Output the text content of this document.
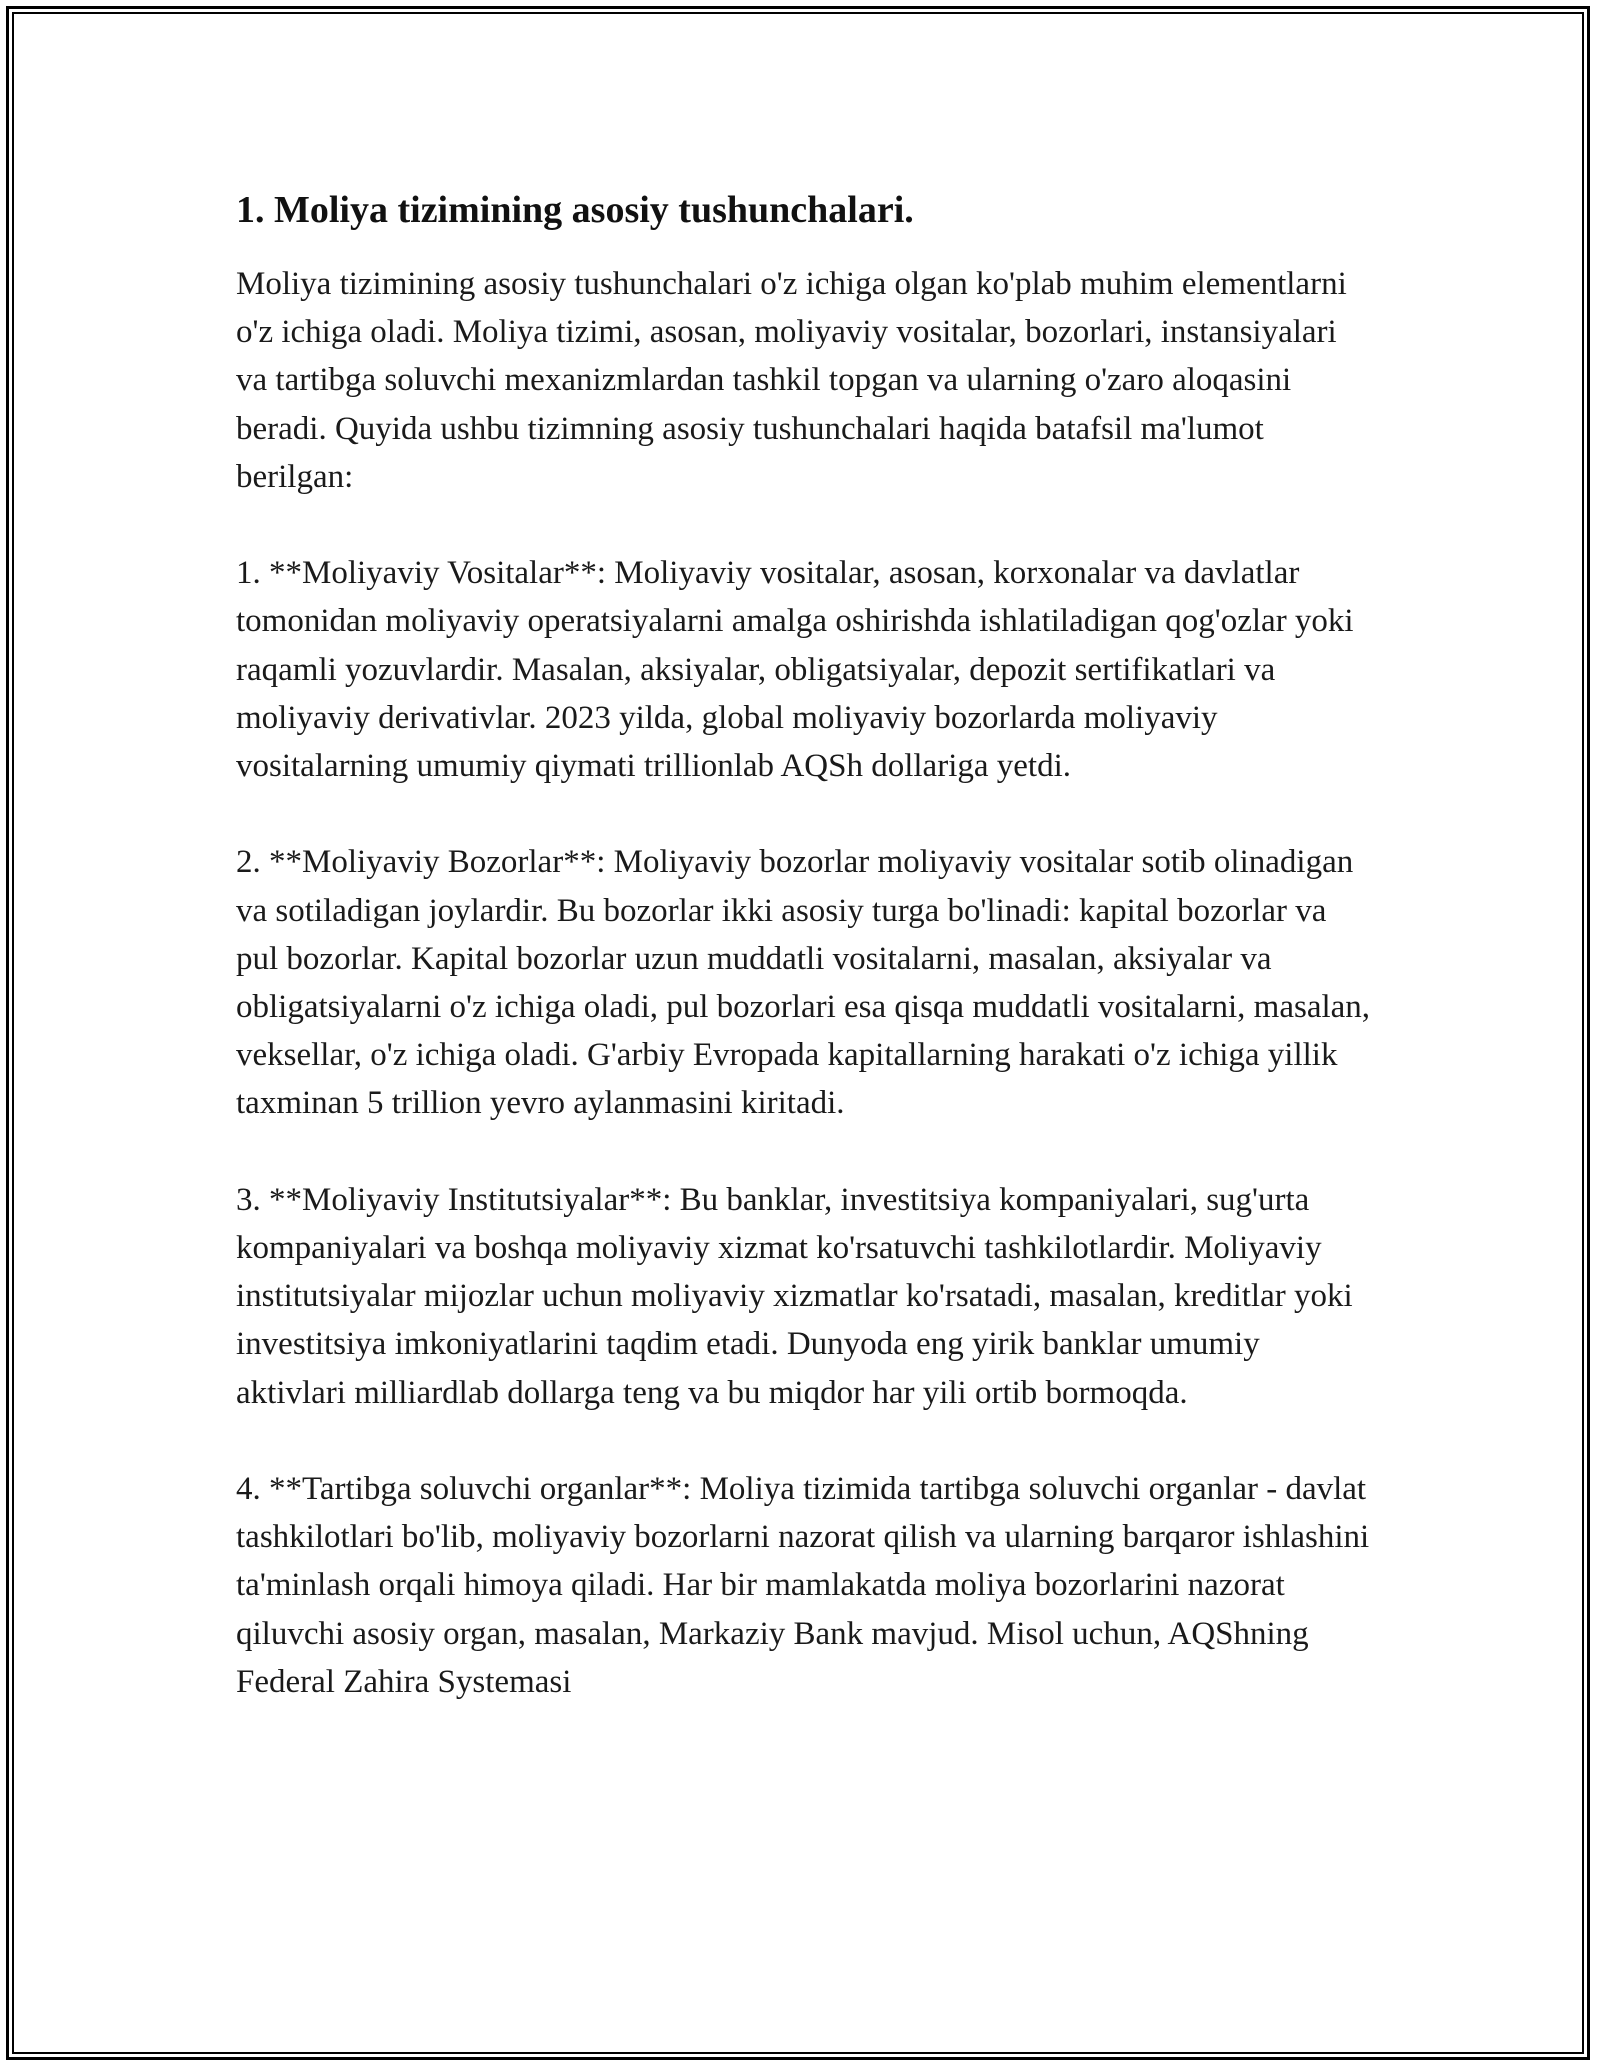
1. Moliya tizimining asosiy tushunchalari.

Moliya tizimining asosiy tushunchalari o'z ichiga olgan ko'plab muhim elementlarni o'z ichiga oladi. Moliya tizimi, asosan, moliyaviy vositalar, bozorlari, instansiyalari va tartibga soluvchi mexanizmlardan tashkil topgan va ularning o'zaro aloqasini beradi. Quyida ushbu tizimning asosiy tushunchalari haqida batafsil ma'lumot berilgan:

1. **Moliyaviy Vositalar**: Moliyaviy vositalar, asosan, korxonalar va davlatlar tomonidan moliyaviy operatsiyalarni amalga oshirishda ishlatiladigan qog'ozlar yoki raqamli yozuvlardir. Masalan, aksiyalar, obligatsiyalar, depozit sertifikatlari va moliyaviy derivativlar. 2023 yilda, global moliyaviy bozorlarda moliyaviy vositalarning umumiy qiymati trillionlab AQSh dollariga yetdi.

2. **Moliyaviy Bozorlar**: Moliyaviy bozorlar moliyaviy vositalar sotib olinadigan va sotiladigan joylardir. Bu bozorlar ikki asosiy turga bo'linadi: kapital bozorlar va pul bozorlar. Kapital bozorlar uzun muddatli vositalarni, masalan, aksiyalar va obligatsiyalarni o'z ichiga oladi, pul bozorlari esa qisqa muddatli vositalarni, masalan, veksellar, o'z ichiga oladi. G'arbiy Evropada kapitallarning harakati o'z ichiga yillik taxminan 5 trillion yevro aylanmasini kiritadi.

3. **Moliyaviy Institutsiyalar**: Bu banklar, investitsiya kompaniyalari, sug'urta kompaniyalari va boshqa moliyaviy xizmat ko'rsatuvchi tashkilotlardir. Moliyaviy institutsiyalar mijozlar uchun moliyaviy xizmatlar ko'rsatadi, masalan, kreditlar yoki investitsiya imkoniyatlarini taqdim etadi. Dunyoda eng yirik banklar umumiy aktivlari milliardlab dollarga teng va bu miqdor har yili ortib bormoqda.

4. **Tartibga soluvchi organlar**: Moliya tizimida tartibga soluvchi organlar - davlat tashkilotlari bo'lib, moliyaviy bozorlarni nazorat qilish va ularning barqaror ishlashini ta'minlash orqali himoya qiladi. Har bir mamlakatda moliya bozorlarini nazorat qiluvchi asosiy organ, masalan, Markaziy Bank mavjud. Misol uchun, AQShning Federal Zahira Systemasi
